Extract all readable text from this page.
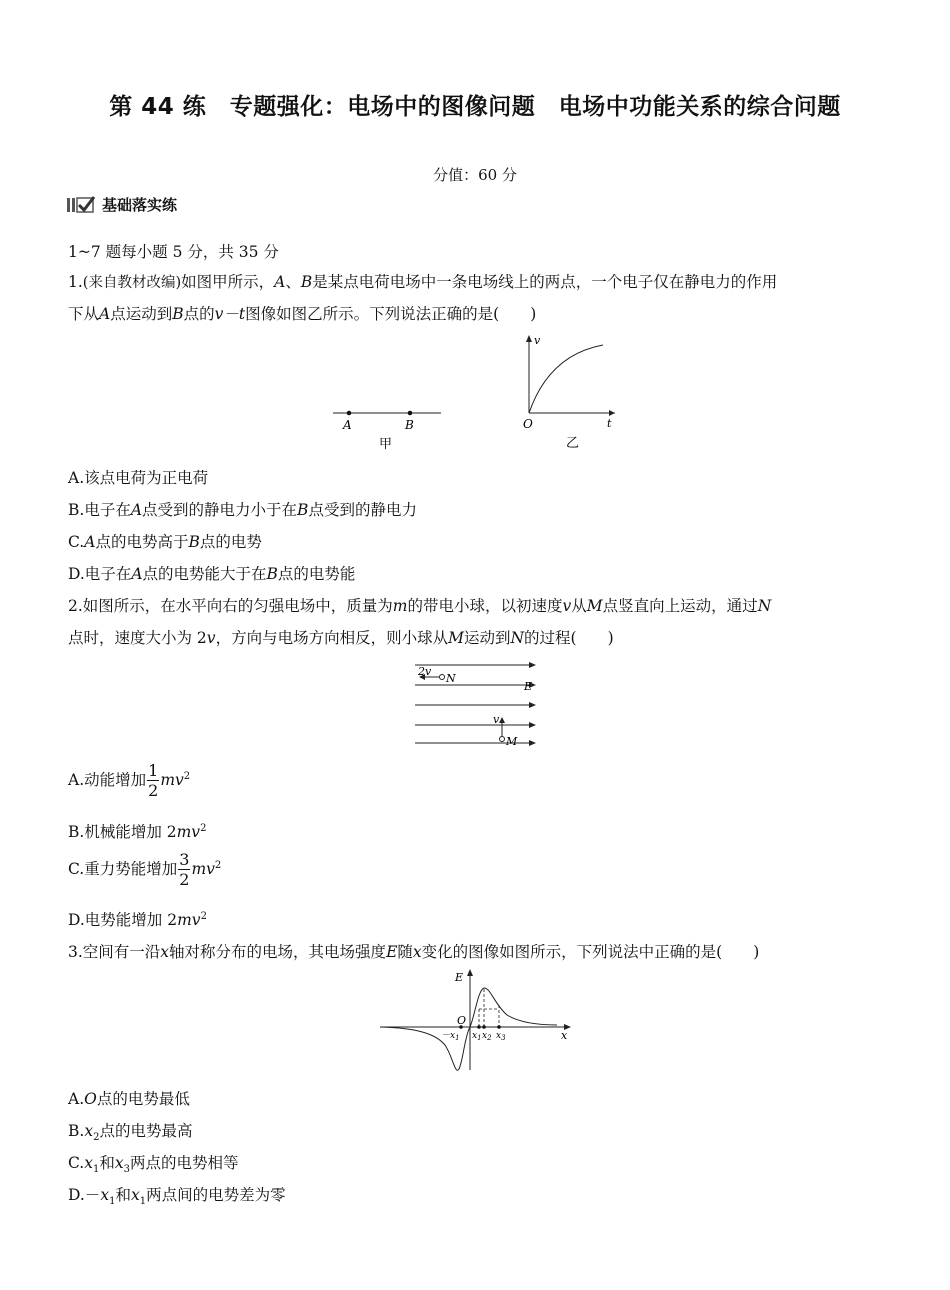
第 44 练　专题强化：电场中的图像问题　电场中功能关系的综合问题
分值：60 分
基础落实练
1~7 题每小题 5 分，共 35 分
1.(来自教材改编)如图甲所示，A、B是某点电荷电场中一条电场线上的两点，一个电子仅在静电力的作用
下从A点运动到B点的v－t图像如图乙所示。下列说法正确的是(　　)
A	B
甲
v
t
O
乙
A.该点电荷为正电荷
B.电子在A点受到的静电力小于在B点受到的静电力
C.A点的电势高于B点的电势
D.电子在A点的电势能大于在B点的电势能
2.如图所示，在水平向右的匀强电场中，质量为m的带电小球，以初速度v从M点竖直向上运动，通过N
点时，速度大小为 2v，方向与电场方向相反，则小球从M运动到N的过程(　　)
2v
N
E
v
M
A.动能增加 $\frac{1}{2} mv^2$
B.机械能增加 $2mv^2$
C.重力势能增加 $\frac{3}{2} mv^2$
D.电势能增加 $2mv^2$
3.空间有一沿x轴对称分布的电场，其电场强度E随x变化的图像如图所示，下列说法中正确的是(　　)
E
O
x
$-x_1$ $x_1$ $x_2$ $x_3$
A.O点的电势最低
$B.x_2$点的电势最高
$C.x_1$和$x_3$两点的电势相等
$D.-x_1$和$x_1$两点间的电势差为零
